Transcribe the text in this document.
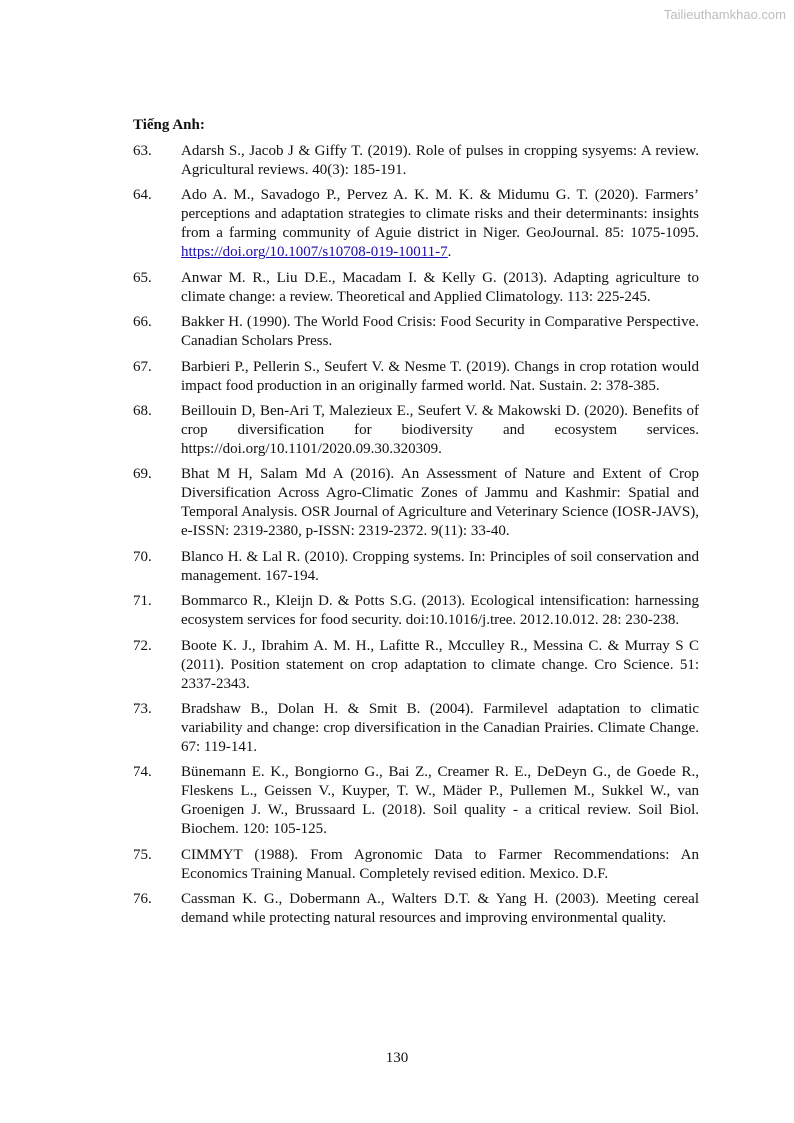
Tailieuthamkhao.com
Tiếng Anh:
63.	Adarsh S., Jacob J & Giffy T. (2019). Role of pulses in cropping sysyems: A review. Agricultural reviews. 40(3): 185-191.
64.	Ado A. M., Savadogo P., Pervez A. K. M. K. & Midumu G. T. (2020). Farmers’ perceptions and adaptation strategies to climate risks and their determinants: insights from a farming community of Aguie district in Niger. GeoJournal. 85: 1075-1095. https://doi.org/10.1007/s10708-019-10011-7.
65.	Anwar M. R., Liu D.E., Macadam I. & Kelly G. (2013). Adapting agriculture to climate change: a review. Theoretical and Applied Climatology. 113: 225-245.
66.	Bakker H. (1990). The World Food Crisis: Food Security in Comparative Perspective. Canadian Scholars Press.
67.	Barbieri P., Pellerin S., Seufert V. & Nesme T. (2019). Changs in crop rotation would impact food production in an originally farmed world. Nat. Sustain. 2: 378-385.
68.	Beillouin D, Ben-Ari T, Malezieux E., Seufert V. & Makowski D. (2020). Benefits of crop diversification for biodiversity and ecosystem services. https://doi.org/10.1101/2020.09.30.320309.
69.	Bhat M H, Salam Md A (2016). An Assessment of Nature and Extent of Crop Diversification Across Agro-Climatic Zones of Jammu and Kashmir: Spatial and Temporal Analysis. OSR Journal of Agriculture and Veterinary Science (IOSR-JAVS), e-ISSN: 2319-2380, p-ISSN: 2319-2372. 9(11): 33-40.
70.	Blanco H. & Lal R. (2010). Cropping systems. In: Principles of soil conservation and management. 167-194.
71.	Bommarco R., Kleijn D. & Potts S.G. (2013). Ecological intensification: harnessing ecosystem services for food security. doi:10.1016/j.tree. 2012.10.012. 28: 230-238.
72.	Boote K. J., Ibrahim A. M. H., Lafitte R., Mcculley R., Messina C. & Murray S C (2011). Position statement on crop adaptation to climate change. Cro Science. 51: 2337-2343.
73.	Bradshaw B., Dolan H. & Smit B. (2004). Farmilevel adaptation to climatic variability and change: crop diversification in the Canadian Prairies. Climate Change. 67: 119-141.
74.	Bünemann E. K., Bongiorno G., Bai Z., Creamer R. E., DeDeyn G., de Goede R., Fleskens L., Geissen V., Kuyper, T. W., Mäder P., Pullemen M., Sukkel W., van Groenigen J. W., Brussaard L. (2018). Soil quality - a critical review. Soil Biol. Biochem. 120: 105-125.
75.	CIMMYT (1988). From Agronomic Data to Farmer Recommendations: An Economics Training Manual. Completely revised edition. Mexico. D.F.
76.	Cassman K. G., Dobermann A., Walters D.T. & Yang H. (2003). Meeting cereal demand while protecting natural resources and improving environmental quality.
130
